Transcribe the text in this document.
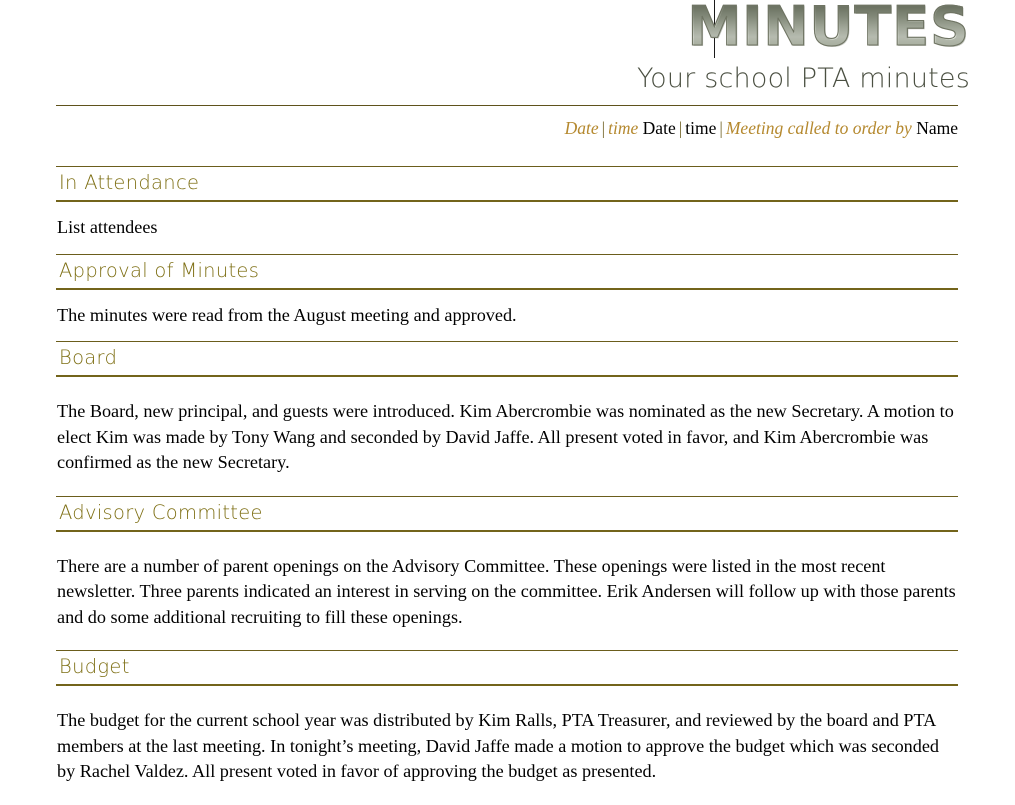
MINUTES
Your school PTA minutes
Date | time Date | time | Meeting called to order by Name
In Attendance
List attendees
Approval of Minutes
The minutes were read from the August meeting and approved.
Board
The Board, new principal, and guests were introduced. Kim Abercrombie was nominated as the new Secretary. A motion to elect Kim was made by Tony Wang and seconded by David Jaffe. All present voted in favor, and Kim Abercrombie was confirmed as the new Secretary.
Advisory Committee
There are a number of parent openings on the Advisory Committee. These openings were listed in the most recent newsletter. Three parents indicated an interest in serving on the committee. Erik Andersen will follow up with those parents and do some additional recruiting to fill these openings.
Budget
The budget for the current school year was distributed by Kim Ralls, PTA Treasurer, and reviewed by the board and PTA members at the last meeting. In tonight’s meeting, David Jaffe made a motion to approve the budget which was seconded by Rachel Valdez. All present voted in favor of approving the budget as presented.
